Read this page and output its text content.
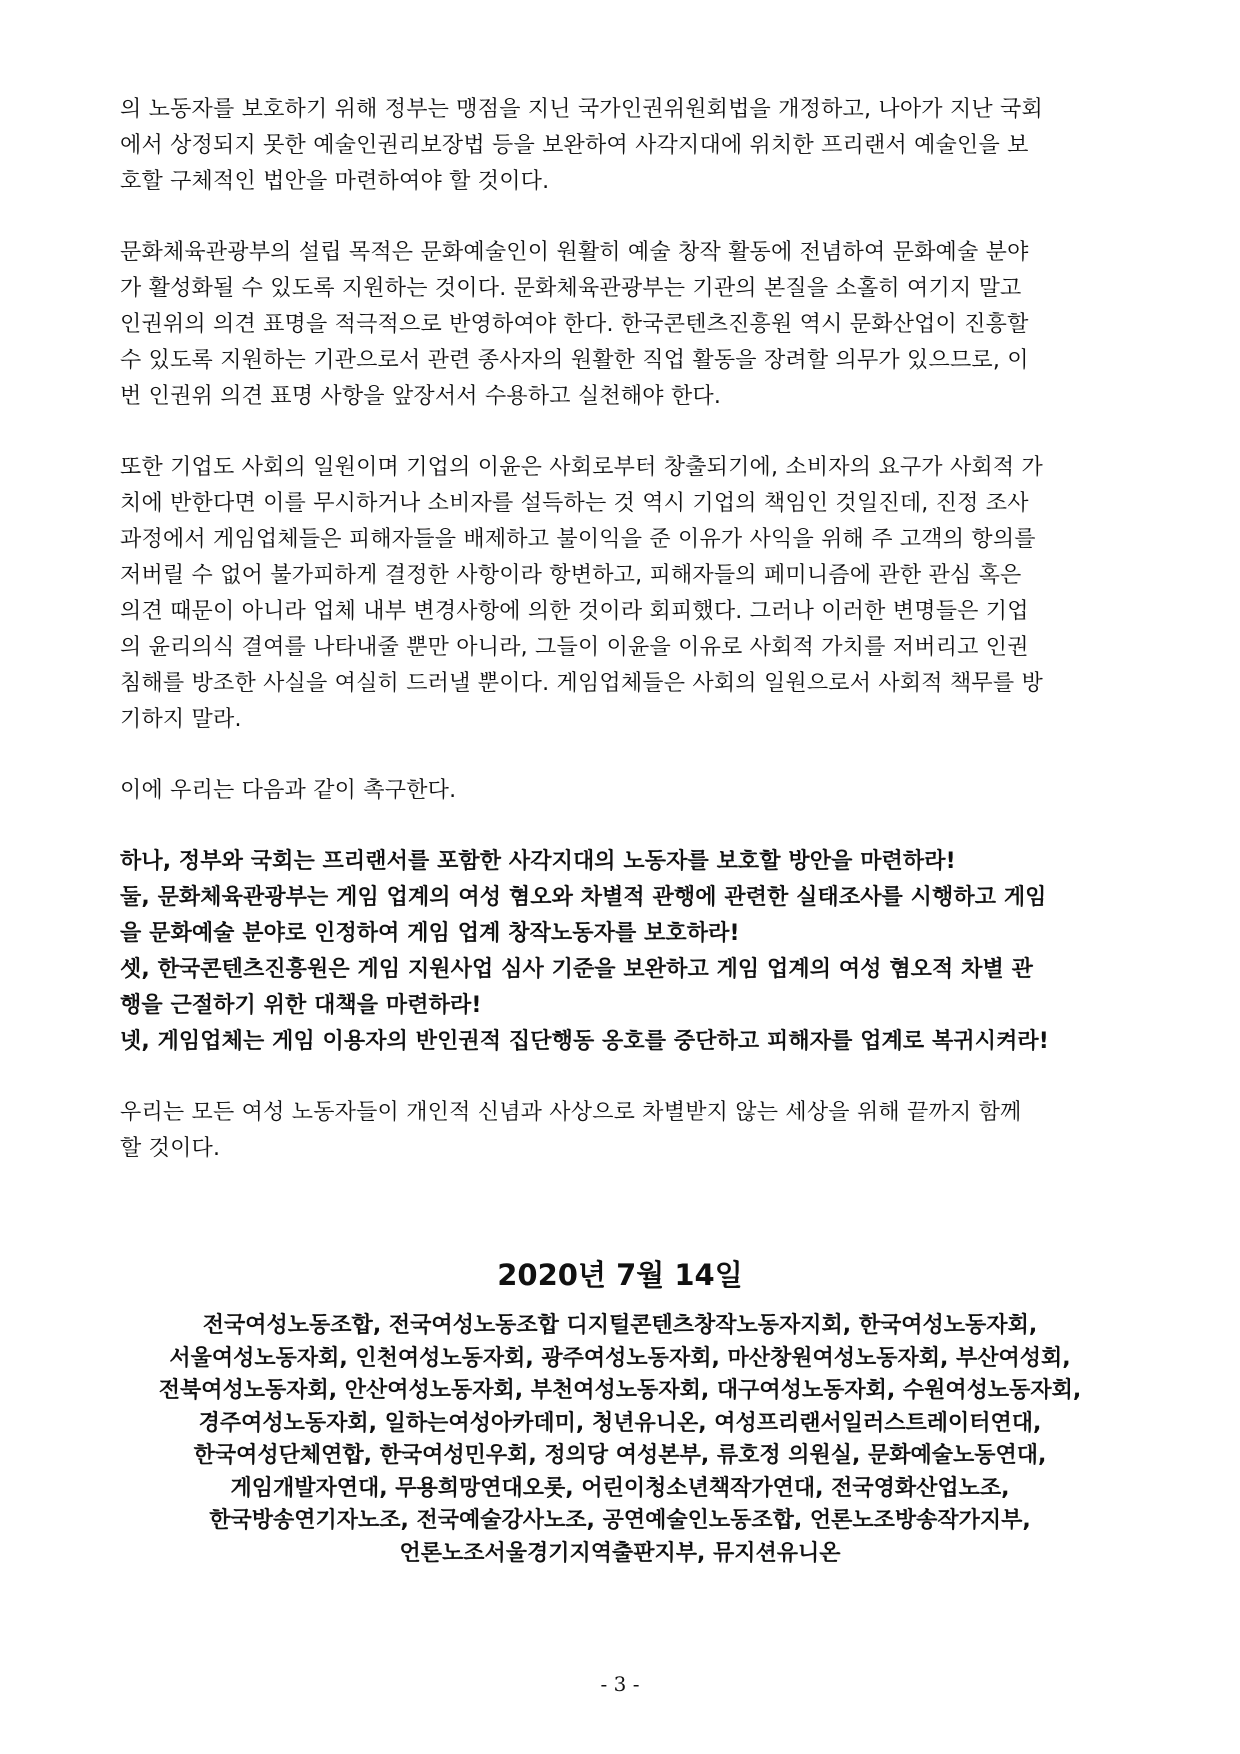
의 노동자를 보호하기 위해 정부는 맹점을 지닌 국가인권위원회법을 개정하고, 나아가 지난 국회
에서 상정되지 못한 예술인권리보장법 등을 보완하여 사각지대에 위치한 프리랜서 예술인을 보
호할 구체적인 법안을 마련하여야 할 것이다.

문화체육관광부의 설립 목적은 문화예술인이 원활히 예술 창작 활동에 전념하여 문화예술 분야
가 활성화될 수 있도록 지원하는 것이다. 문화체육관광부는 기관의 본질을 소홀히 여기지 말고
인권위의 의견 표명을 적극적으로 반영하여야 한다. 한국콘텐츠진흥원 역시 문화산업이 진흥할
수 있도록 지원하는 기관으로서 관련 종사자의 원활한 직업 활동을 장려할 의무가 있으므로, 이
번 인권위 의견 표명 사항을 앞장서서 수용하고 실천해야 한다.

또한 기업도 사회의 일원이며 기업의 이윤은 사회로부터 창출되기에, 소비자의 요구가 사회적 가
치에 반한다면 이를 무시하거나 소비자를 설득하는 것 역시 기업의 책임인 것일진데, 진정 조사
과정에서 게임업체들은 피해자들을 배제하고 불이익을 준 이유가 사익을 위해 주 고객의 항의를
저버릴 수 없어 불가피하게 결정한 사항이라 항변하고, 피해자들의 페미니즘에 관한 관심 혹은
의견 때문이 아니라 업체 내부 변경사항에 의한 것이라 회피했다. 그러나 이러한 변명들은 기업
의 윤리의식 결여를 나타내줄 뿐만 아니라, 그들이 이윤을 이유로 사회적 가치를 저버리고 인권
침해를 방조한 사실을 여실히 드러낼 뿐이다. 게임업체들은 사회의 일원으로서 사회적 책무를 방
기하지 말라.

이에 우리는 다음과 같이 촉구한다.

하나, 정부와 국회는 프리랜서를 포함한 사각지대의 노동자를 보호할 방안을 마련하라!
둘, 문화체육관광부는 게임 업계의 여성 혐오와 차별적 관행에 관련한 실태조사를 시행하고 게임
을 문화예술 분야로 인정하여 게임 업계 창작노동자를 보호하라!
셋, 한국콘텐츠진흥원은 게임 지원사업 심사 기준을 보완하고 게임 업계의 여성 혐오적 차별 관
행을 근절하기 위한 대책을 마련하라!
넷, 게임업체는 게임 이용자의 반인권적 집단행동 옹호를 중단하고 피해자를 업계로 복귀시켜라!

우리는 모든 여성 노동자들이 개인적 신념과 사상으로 차별받지 않는 세상을 위해 끝까지 함께
할 것이다.

2020년 7월 14일
전국여성노동조합, 전국여성노동조합 디지털콘텐츠창작노동자지회, 한국여성노동자회,
서울여성노동자회, 인천여성노동자회, 광주여성노동자회, 마산창원여성노동자회, 부산여성회,
전북여성노동자회, 안산여성노동자회, 부천여성노동자회, 대구여성노동자회, 수원여성노동자회,
경주여성노동자회, 일하는여성아카데미, 청년유니온, 여성프리랜서일러스트레이터연대,
한국여성단체연합, 한국여성민우회, 정의당 여성본부, 류호정 의원실, 문화예술노동연대,
게임개발자연대, 무용희망연대오롯, 어린이청소년책작가연대, 전국영화산업노조,
한국방송연기자노조, 전국예술강사노조, 공연예술인노동조합, 언론노조방송작가지부,
언론노조서울경기지역출판지부, 뮤지션유니온
- 3 -
